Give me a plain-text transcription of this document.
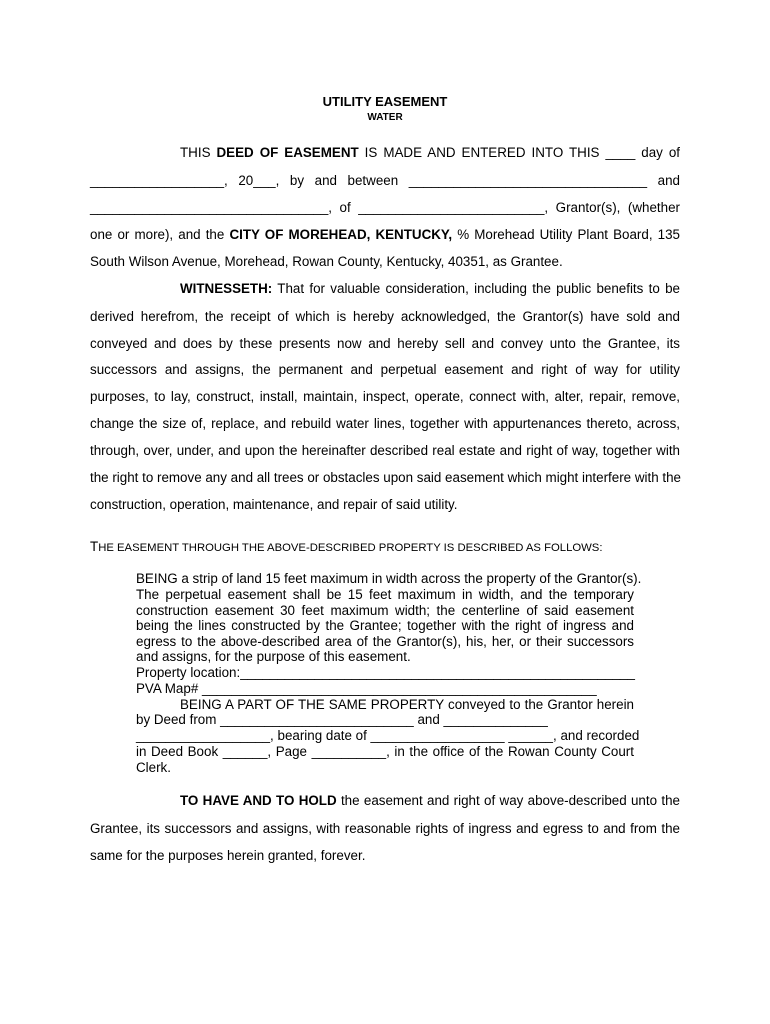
UTILITY EASEMENT
WATER
THIS DEED OF EASEMENT IS MADE AND ENTERED INTO THIS ____ day of
__________________, 20___, by and between ________________________________ and
________________________________, of _________________________, Grantor(s), (whether
one or more), and the CITY OF MOREHEAD, KENTUCKY, % Morehead Utility Plant Board, 135
South Wilson Avenue, Morehead, Rowan County, Kentucky, 40351, as Grantee.
WITNESSETH: That for valuable consideration, including the public benefits to be
derived herefrom, the receipt of which is hereby acknowledged, the Grantor(s) have sold and
conveyed and does by these presents now and hereby sell and convey unto the Grantee, its
successors and assigns, the permanent and perpetual easement and right of way for utility
purposes, to lay, construct, install, maintain, inspect, operate, connect with, alter, repair, remove,
change the size of, replace, and rebuild water lines, together with appurtenances thereto, across,
through, over, under, and upon the hereinafter described real estate and right of way, together with
the right to remove any and all trees or obstacles upon said easement which might interfere with the
construction, operation, maintenance, and repair of said utility.
THE EASEMENT THROUGH THE ABOVE-DESCRIBED PROPERTY IS DESCRIBED AS FOLLOWS:
BEING a strip of land 15 feet maximum in width across the property of the Grantor(s).
The perpetual easement shall be 15 feet maximum in width, and the temporary
construction easement 30 feet maximum width; the centerline of said easement
being the lines constructed by the Grantee; together with the right of ingress and
egress to the above-described area of the Grantor(s), his, her, or their successors
and assigns, for the purpose of this easement.
Property location:_____________________________________________________
PVA Map# _____________________________________________________
BEING A PART OF THE SAME PROPERTY conveyed to the Grantor herein
by Deed from __________________________ and ______________
__________________, bearing date of __________________ ______, and recorded
in Deed Book ______, Page __________, in the office of the Rowan County Court
Clerk.
TO HAVE AND TO HOLD the easement and right of way above-described unto the
Grantee, its successors and assigns, with reasonable rights of ingress and egress to and from the
same for the purposes herein granted, forever.
